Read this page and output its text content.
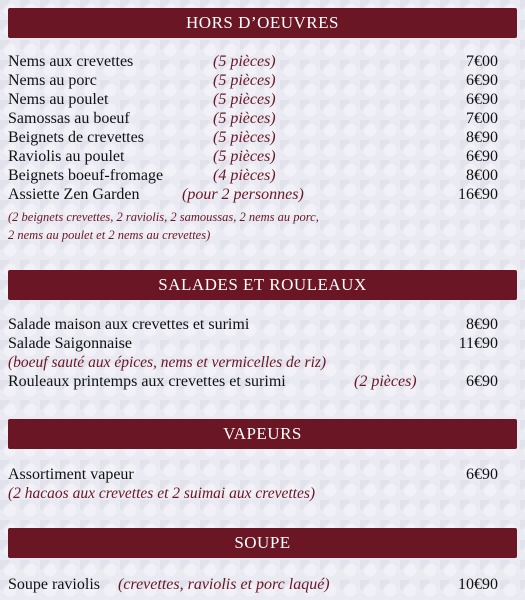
HORS D’OEUVRES
Nems aux crevettes	(5 pièces)	7€00
Nems au porc	(5 pièces)	6€90
Nems au poulet	(5 pièces)	6€90
Samossas au boeuf	(5 pièces)	7€00
Beignets de crevettes	(5 pièces)	8€90
Raviolis au poulet	(5 pièces)	6€90
Beignets boeuf-fromage	(4 pièces)	8€00
Assiette Zen Garden	(pour 2 personnes)	16€90
(2 beignets crevettes, 2 raviolis, 2 samoussas, 2 nems au porc,
2 nems au poulet et 2 nems au crevettes)
SALADES ET ROULEAUX
Salade maison aux crevettes et surimi	8€90
Salade Saigonnaise	11€90
(boeuf sauté aux épices, nems et vermicelles de riz)
Rouleaux printemps aux crevettes et surimi	(2 pièces)	6€90
VAPEURS
Assortiment vapeur	6€90
(2 hacaos aux crevettes et 2 suimai aux crevettes)
SOUPE
Soupe raviolis (crevettes, raviolis et porc laqué)	10€90
